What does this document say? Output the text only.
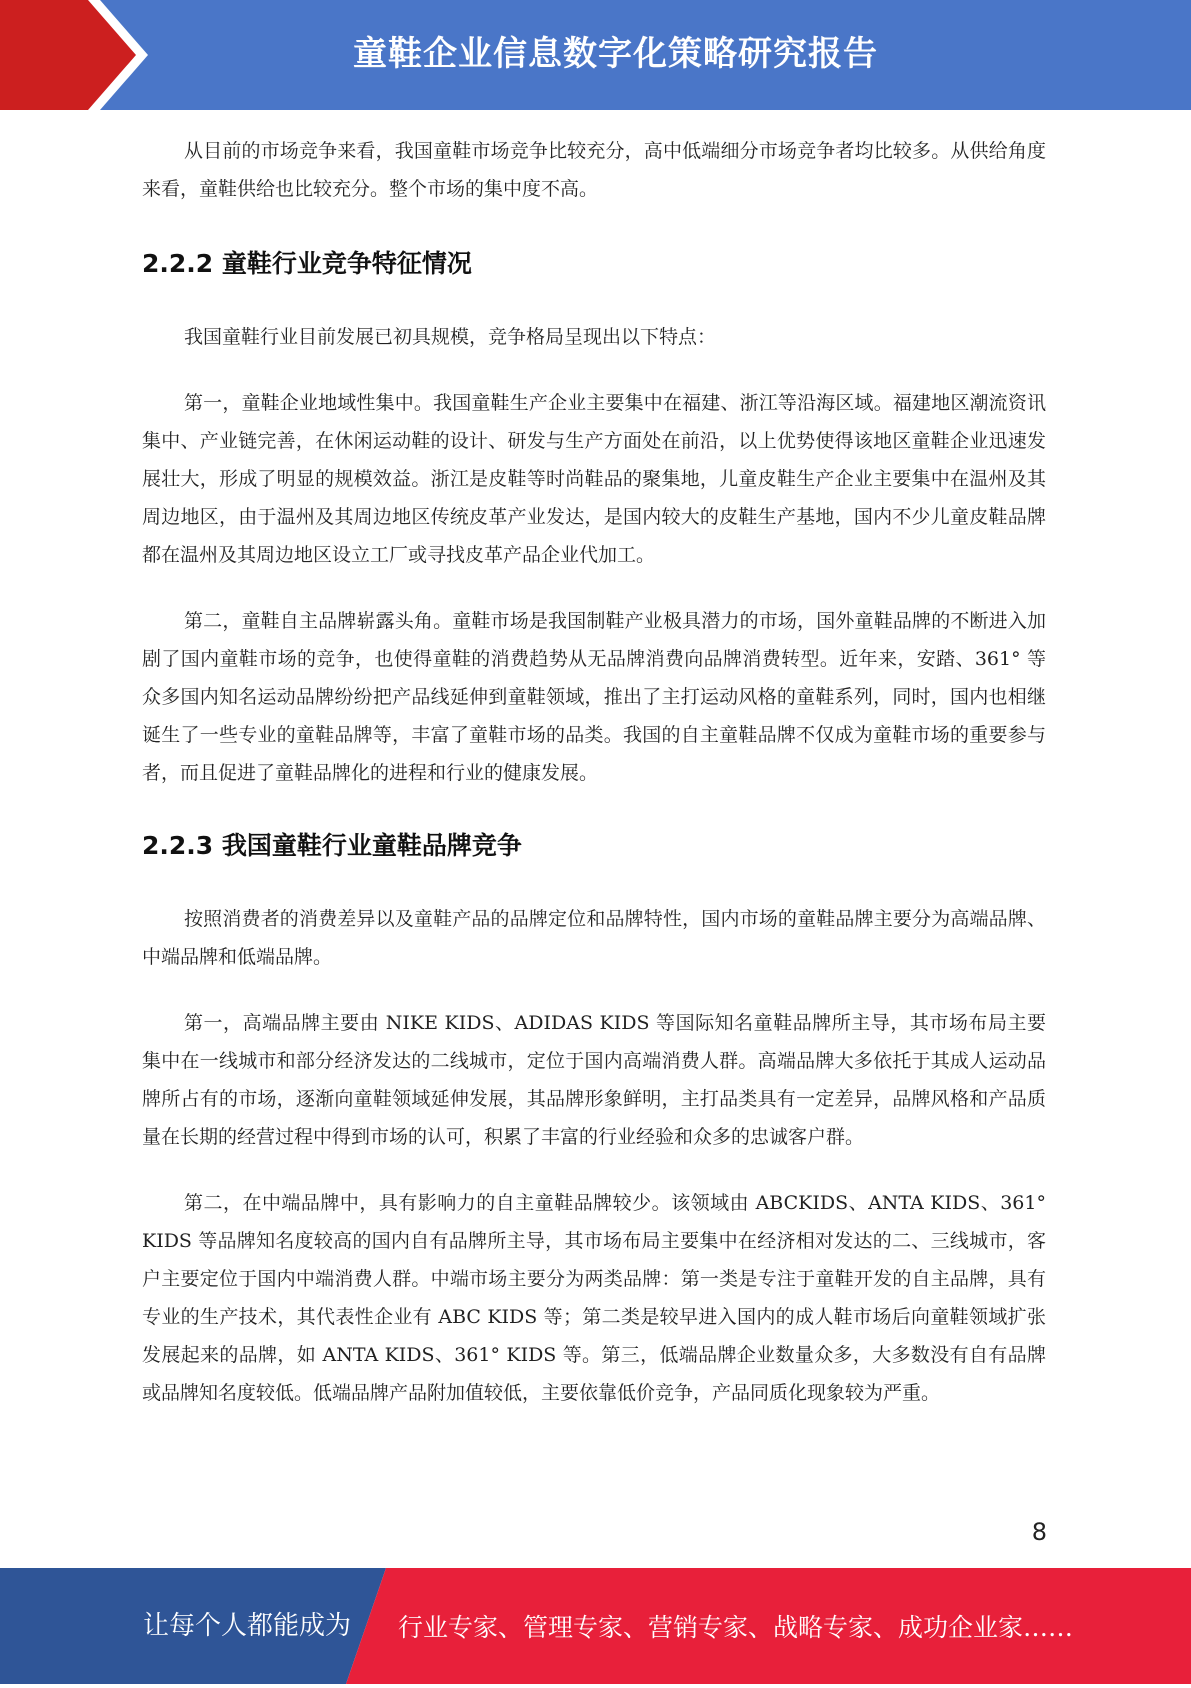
童鞋企业信息数字化策略研究报告

从目前的市场竞争来看，我国童鞋市场竞争比较充分，高中低端细分市场竞争者均比较多。从供给角度来看，童鞋供给也比较充分。整个市场的集中度不高。

2.2.2 童鞋行业竞争特征情况

我国童鞋行业目前发展已初具规模，竞争格局呈现出以下特点：

第一，童鞋企业地域性集中。我国童鞋生产企业主要集中在福建、浙江等沿海区域。福建地区潮流资讯集中、产业链完善，在休闲运动鞋的设计、研发与生产方面处在前沿，以上优势使得该地区童鞋企业迅速发展壮大，形成了明显的规模效益。浙江是皮鞋等时尚鞋品的聚集地，儿童皮鞋生产企业主要集中在温州及其周边地区，由于温州及其周边地区传统皮革产业发达，是国内较大的皮鞋生产基地，国内不少儿童皮鞋品牌都在温州及其周边地区设立工厂或寻找皮革产品企业代加工。

第二，童鞋自主品牌崭露头角。童鞋市场是我国制鞋产业极具潜力的市场，国外童鞋品牌的不断进入加剧了国内童鞋市场的竞争，也使得童鞋的消费趋势从无品牌消费向品牌消费转型。近年来，安踏、361° 等众多国内知名运动品牌纷纷把产品线延伸到童鞋领域，推出了主打运动风格的童鞋系列，同时，国内也相继诞生了一些专业的童鞋品牌等，丰富了童鞋市场的品类。我国的自主童鞋品牌不仅成为童鞋市场的重要参与者，而且促进了童鞋品牌化的进程和行业的健康发展。

2.2.3 我国童鞋行业童鞋品牌竞争

按照消费者的消费差异以及童鞋产品的品牌定位和品牌特性，国内市场的童鞋品牌主要分为高端品牌、中端品牌和低端品牌。

第一，高端品牌主要由 NIKE KIDS、ADIDAS KIDS 等国际知名童鞋品牌所主导，其市场布局主要集中在一线城市和部分经济发达的二线城市，定位于国内高端消费人群。高端品牌大多依托于其成人运动品牌所占有的市场，逐渐向童鞋领域延伸发展，其品牌形象鲜明，主打品类具有一定差异，品牌风格和产品质量在长期的经营过程中得到市场的认可，积累了丰富的行业经验和众多的忠诚客户群。

第二，在中端品牌中，具有影响力的自主童鞋品牌较少。该领域由 ABCKIDS、ANTA KIDS、361° KIDS 等品牌知名度较高的国内自有品牌所主导，其市场布局主要集中在经济相对发达的二、三线城市，客户主要定位于国内中端消费人群。中端市场主要分为两类品牌：第一类是专注于童鞋开发的自主品牌，具有专业的生产技术，其代表性企业有 ABC KIDS 等；第二类是较早进入国内的成人鞋市场后向童鞋领域扩张发展起来的品牌，如 ANTA KIDS、361° KIDS 等。第三，低端品牌企业数量众多，大多数没有自有品牌或品牌知名度较低。低端品牌产品附加值较低，主要依靠低价竞争，产品同质化现象较为严重。

8
让每个人都能成为 行业专家、管理专家、营销专家、战略专家、成功企业家……
